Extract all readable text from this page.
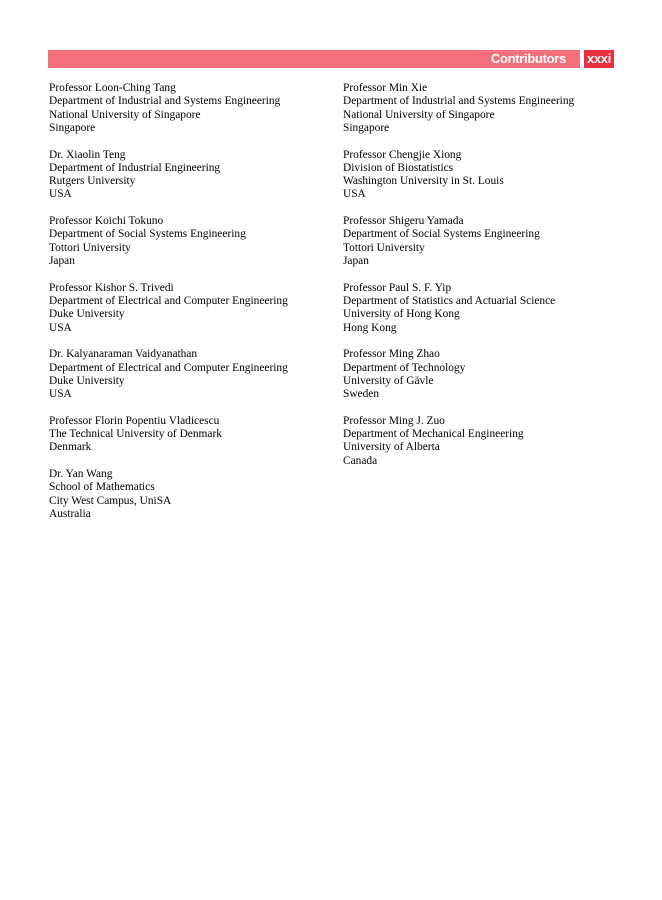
Contributors xxxi
Professor Loon-Ching Tang
Department of Industrial and Systems Engineering
National University of Singapore
Singapore
Dr. Xiaolin Teng
Department of Industrial Engineering
Rutgers University
USA
Professor Koichi Tokuno
Department of Social Systems Engineering
Tottori University
Japan
Professor Kishor S. Trivedi
Department of Electrical and Computer Engineering
Duke University
USA
Dr. Kalyanaraman Vaidyanathan
Department of Electrical and Computer Engineering
Duke University
USA
Professor Florin Popentiu Vladicescu
The Technical University of Denmark
Denmark
Dr. Yan Wang
School of Mathematics
City West Campus, UniSA
Australia
Professor Min Xie
Department of Industrial and Systems Engineering
National University of Singapore
Singapore
Professor Chengjie Xiong
Division of Biostatistics
Washington University in St. Louis
USA
Professor Shigeru Yamada
Department of Social Systems Engineering
Tottori University
Japan
Professor Paul S. F. Yip
Department of Statistics and Actuarial Science
University of Hong Kong
Hong Kong
Professor Ming Zhao
Department of Technology
University of Gävle
Sweden
Professor Ming J. Zuo
Department of Mechanical Engineering
University of Alberta
Canada
